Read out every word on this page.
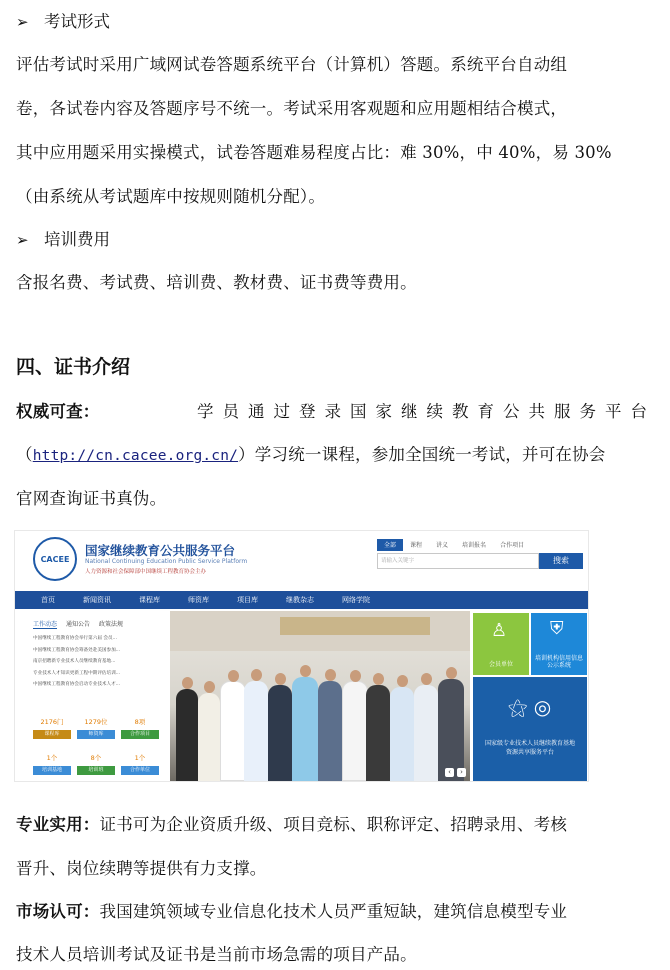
➢ 考试形式
评估考试时采用广域网试卷答题系统平台（计算机）答题。系统平台自动组
卷，各试卷内容及答题序号不统一。考试采用客观题和应用题相结合模式，
其中应用题采用实操模式，试卷答题难易程度占比：难 30%，中 40%，易 30%
（由系统从考试题库中按规则随机分配）。
➢ 培训费用
含报名费、考试费、培训费、教材费、证书费等费用。
四、证书介绍
权威可查：	学员通过登录国家继续教育公共服务平台
（http://cn.cacee.org.cn/）学习统一课程，参加全国统一考试，并可在协会
官网查询证书真伪。
CACEE
国家继续教育公共服务平台
National Continuing Education Public Service Platform
人力资源和社会保障部中国继续工程教育协会主办
全部	课程	讲义	培训报名	合作项目
请输入关键字	搜索
首页	新闻资讯	课程库	师资库	项目库	继教杂志	网络学院
工作动态 通知公告 政策法规
中国继续工程教育协会举行第六届 会员...
中国继续工程教育协会筹备处赴美国参加...
南京招聘新专业技术人员继续教育基地...
专业技术人才知识更新工程中期评估培训...
中国继续工程教育协会启动专业技术人才...
2176门
课程库
1279位
师资库
8项
合作项目
1个
培训基地
8个
培训班
1个
合作单位	‹	›
♙
会员单位
⛨
培训机构信用信息公示系统
⚝ ◎
国家级专业技术人员继续教育基地资源共享服务平台
专业实用：证书可为企业资质升级、项目竞标、职称评定、招聘录用、考核
晋升、岗位续聘等提供有力支撑。
市场认可：我国建筑领域专业信息化技术人员严重短缺，建筑信息模型专业
技术人员培训考试及证书是当前市场急需的项目产品。
